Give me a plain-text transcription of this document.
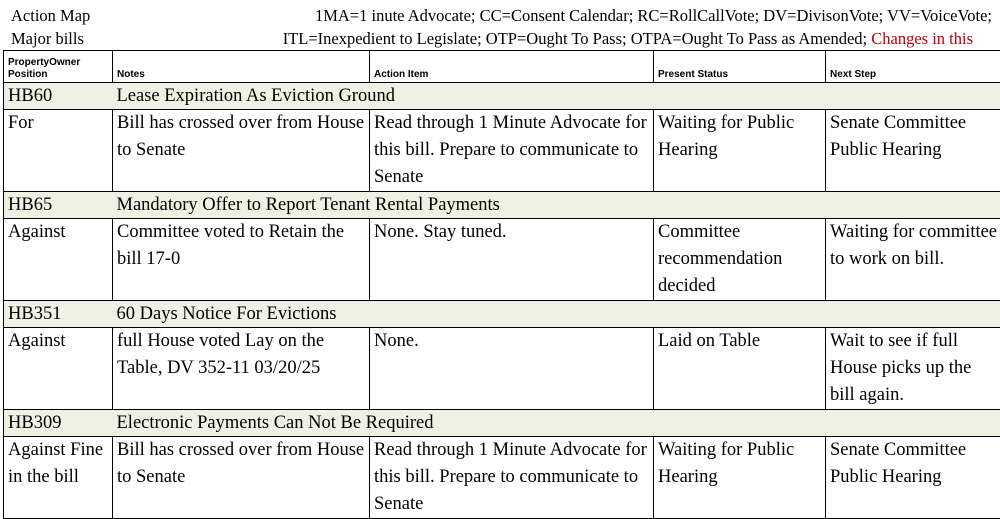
Action Map
Major bills
1MA=1 inute Advocate; CC=Consent Calendar; RC=RollCallVote; DV=DivisonVote; VV=VoiceVote;
ITL=Inexpedient to Legislate; OTP=Ought To Pass; OTPA=Ought To Pass as Amended; Changes in this
PropertyOwner Position	Notes	Action Item	Present Status	Next Step
HB60	Lease Expiration As Eviction Ground			
For	Bill has crossed over from House to Senate	Read through 1 Minute Advocate for this bill. Prepare to communicate to Senate	Waiting for Public Hearing	Senate Committee Public Hearing
HB65	Mandatory Offer to Report Tenant Rental Payments			
Against	Committee voted to Retain the bill 17-0	None. Stay tuned.	Committee recommendation decided	Waiting for committee to work on bill.
HB351	60 Days Notice For Evictions			
Against	full House voted Lay on the Table, DV 352-11 03/20/25	None.	Laid on Table	Wait to see if full House picks up the bill again.
HB309	Electronic Payments Can Not Be Required			
Against Fine in the bill	Bill has crossed over from House to Senate	Read through 1 Minute Advocate for this bill. Prepare to communicate to Senate	Waiting for Public Hearing	Senate Committee Public Hearing
